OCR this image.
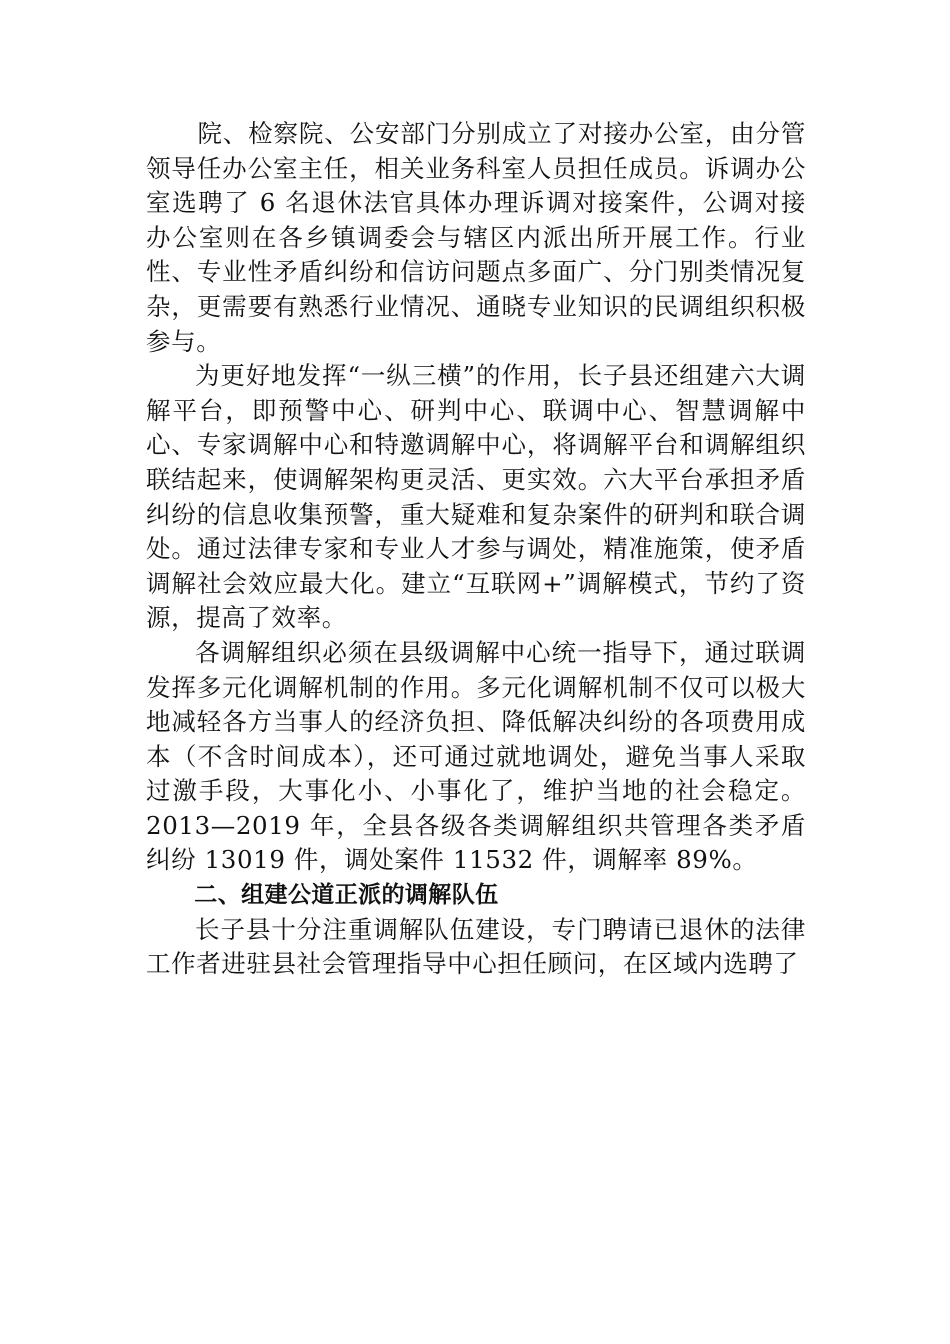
院、检察院、公安部门分别成立了对接办公室，由分管领导任办公室主任，相关业务科室人员担任成员。诉调办公室选聘了 6 名退休法官具体办理诉调对接案件，公调对接办公室则在各乡镇调委会与辖区内派出所开展工作。行业性、专业性矛盾纠纷和信访问题点多面广、分门别类情况复杂，更需要有熟悉行业情况、通晓专业知识的民调组织积极参与。

为更好地发挥“一纵三横”的作用，长子县还组建六大调解平台，即预警中心、研判中心、联调中心、智慧调解中心、专家调解中心和特邀调解中心，将调解平台和调解组织联结起来，使调解架构更灵活、更实效。六大平台承担矛盾纠纷的信息收集预警，重大疑难和复杂案件的研判和联合调处。通过法律专家和专业人才参与调处，精准施策，使矛盾调解社会效应最大化。建立“互联网+”调解模式，节约了资源，提高了效率。

各调解组织必须在县级调解中心统一指导下，通过联调发挥多元化调解机制的作用。多元化调解机制不仅可以极大地减轻各方当事人的经济负担、降低解决纠纷的各项费用成本（不含时间成本），还可通过就地调处，避免当事人采取过激手段，大事化小、小事化了，维护当地的社会稳定。2013—2019 年，全县各级各类调解组织共管理各类矛盾纠纷 13019 件，调处案件 11532 件，调解率 89%。

二、组建公道正派的调解队伍

长子县十分注重调解队伍建设，专门聘请已退休的法律工作者进驻县社会管理指导中心担任顾问，在区域内选聘了
